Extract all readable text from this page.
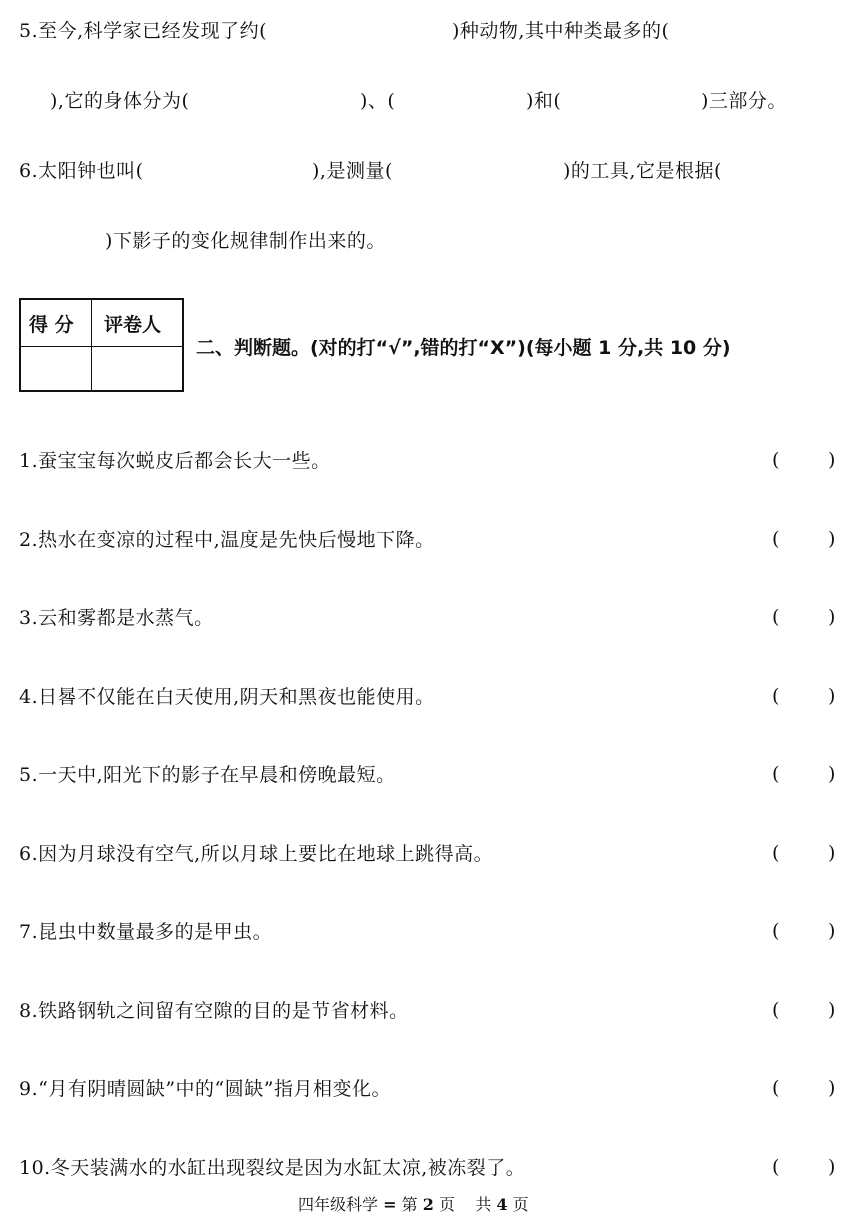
5.至今,科学家已经发现了约(	)种动物,其中种类最多的(
),它的身体分为(	)、(	)和(	)三部分。
6.太阳钟也叫(	),是测量(	)的工具,它是根据(
)下影子的变化规律制作出来的。
得 分 评卷人
二、判断题。(对的打“√”,错的打“X”)(每小题 1 分,共 10 分)
1.蚕宝宝每次蜕皮后都会长大一些。	(	)
2.热水在变凉的过程中,温度是先快后慢地下降。	(	)
3.云和雾都是水蒸气。	(	)
4.日晷不仅能在白天使用,阴天和黑夜也能使用。	(	)
5.一天中,阳光下的影子在早晨和傍晚最短。	(	)
6.因为月球没有空气,所以月球上要比在地球上跳得高。	(	)
7.昆虫中数量最多的是甲虫。	(	)
8.铁路钢轨之间留有空隙的目的是节省材料。	(	)
9.“月有阴晴圆缺”中的“圆缺”指月相变化。	(	)
10.冬天装满水的水缸出现裂纹是因为水缸太凉,被冻裂了。	(	)
四年级科学 = 第 2 页 共 4 页
